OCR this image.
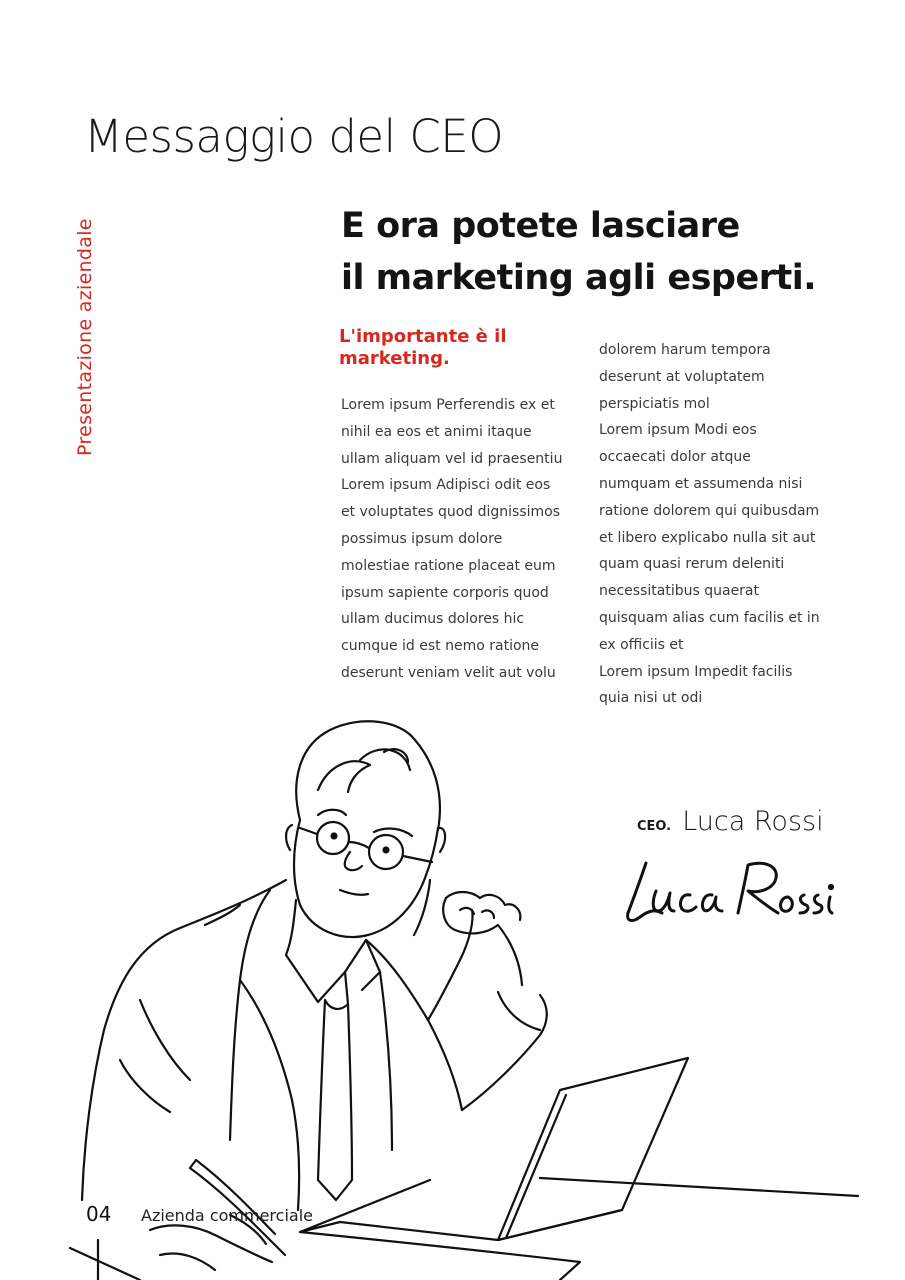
Messaggio del CEO
Presentazione aziendale	E ora potete lasciare
il marketing agli esperti.
L'importante è il
marketing.
Lorem ipsum Perferendis ex et
nihil ea eos et animi itaque
ullam aliquam vel id praesentiu
Lorem ipsum Adipisci odit eos
et voluptates quod dignissimos
possimus ipsum dolore
molestiae ratione placeat eum
ipsum sapiente corporis quod
ullam ducimus dolores hic
cumque id est nemo ratione
deserunt veniam velit aut volu
dolorem harum tempora
deserunt at voluptatem
perspiciatis mol
Lorem ipsum Modi eos
occaecati dolor atque
numquam et assumenda nisi
ratione dolorem qui quibusdam
et libero explicabo nulla sit aut
quam quasi rerum deleniti
necessitatibus quaerat
quisquam alias cum facilis et in
ex officiis et
Lorem ipsum Impedit facilis
quia nisi ut odi
CEO. Luca Rossi
04 Azienda commerciale
